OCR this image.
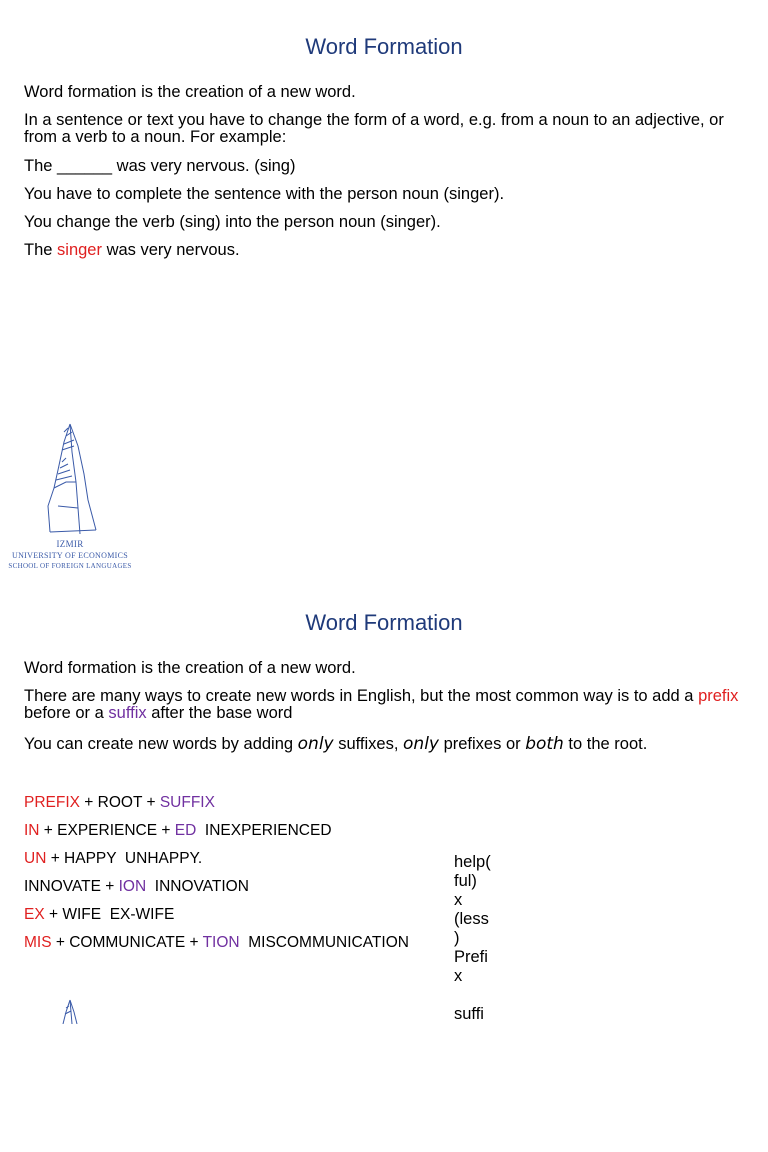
Word Formation
Word formation is the creation of a new word.
In a sentence or text you have to change the form of a word, e.g. from a noun to an adjective, or from a verb to a noun. For example:
The ______ was very nervous. (sing)
You have to complete the sentence with the person noun (singer).
You change the verb (sing) into the person noun (singer).
The singer was very nervous.
IZMIR
UNIVERSITY OF ECONOMICS
SCHOOL OF FOREIGN LANGUAGES
Word Formation
Word formation is the creation of a new word.
There are many ways to create new words in English, but the most common way is to add a prefix before or a suffix after the base word
You can create new words by adding only suffixes, only prefixes or both to the root.
PREFIX + ROOT + SUFFIX
IN + EXPERIENCE + ED  INEXPERIENCED
UN + HAPPY  UNHAPPY.
INNOVATE + ION  INNOVATION
EX + WIFE  EX-WIFE
MIS + COMMUNICATE + TION  MISCOMMUNICATION
help(
ful)
x
(less
)
Prefi
x
suffi
